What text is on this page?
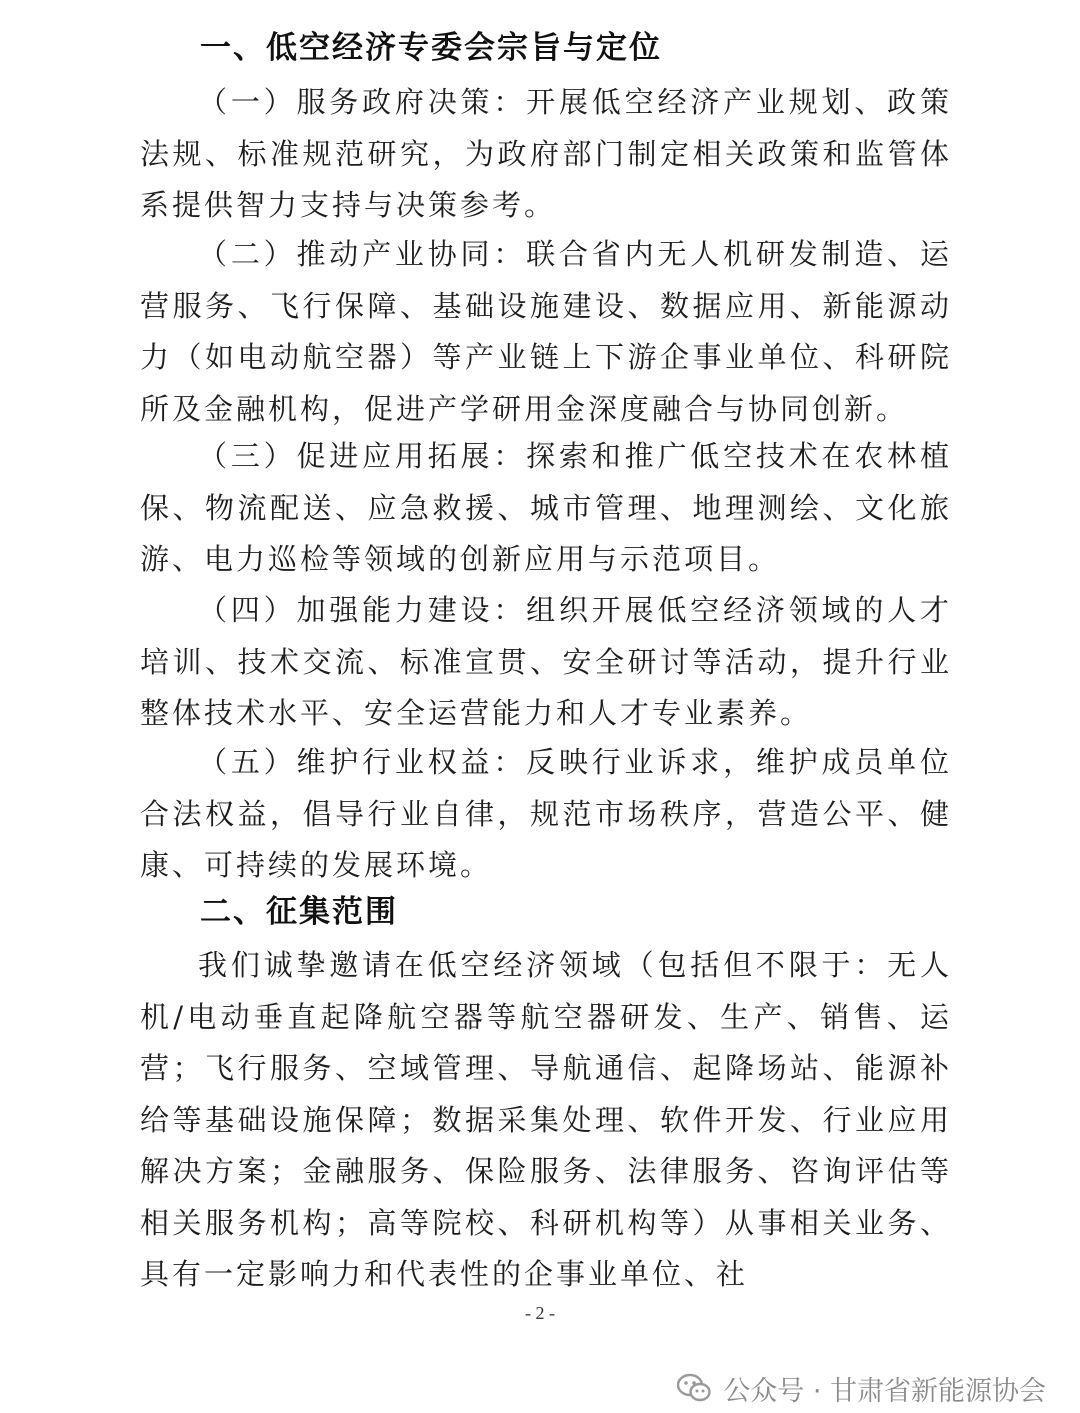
一、低空经济专委会宗旨与定位

（一）服务政府决策：开展低空经济产业规划、政策法规、标准规范研究，为政府部门制定相关政策和监管体系提供智力支持与决策参考。

（二）推动产业协同：联合省内无人机研发制造、运营服务、飞行保障、基础设施建设、数据应用、新能源动力（如电动航空器）等产业链上下游企事业单位、科研院所及金融机构，促进产学研用金深度融合与协同创新。

（三）促进应用拓展：探索和推广低空技术在农林植保、物流配送、应急救援、城市管理、地理测绘、文化旅游、电力巡检等领域的创新应用与示范项目。

（四）加强能力建设：组织开展低空经济领域的人才培训、技术交流、标准宣贯、安全研讨等活动，提升行业整体技术水平、安全运营能力和人才专业素养。

（五）维护行业权益：反映行业诉求，维护成员单位合法权益，倡导行业自律，规范市场秩序，营造公平、健康、可持续的发展环境。

二、征集范围

我们诚挚邀请在低空经济领域（包括但不限于：无人机/电动垂直起降航空器等航空器研发、生产、销售、运营；飞行服务、空域管理、导航通信、起降场站、能源补给等基础设施保障；数据采集处理、软件开发、行业应用解决方案；金融服务、保险服务、法律服务、咨询评估等相关服务机构；高等院校、科研机构等）从事相关业务、具有一定影响力和代表性的企事业单位、社

- 2 -
公众号 · 甘肃省新能源协会
